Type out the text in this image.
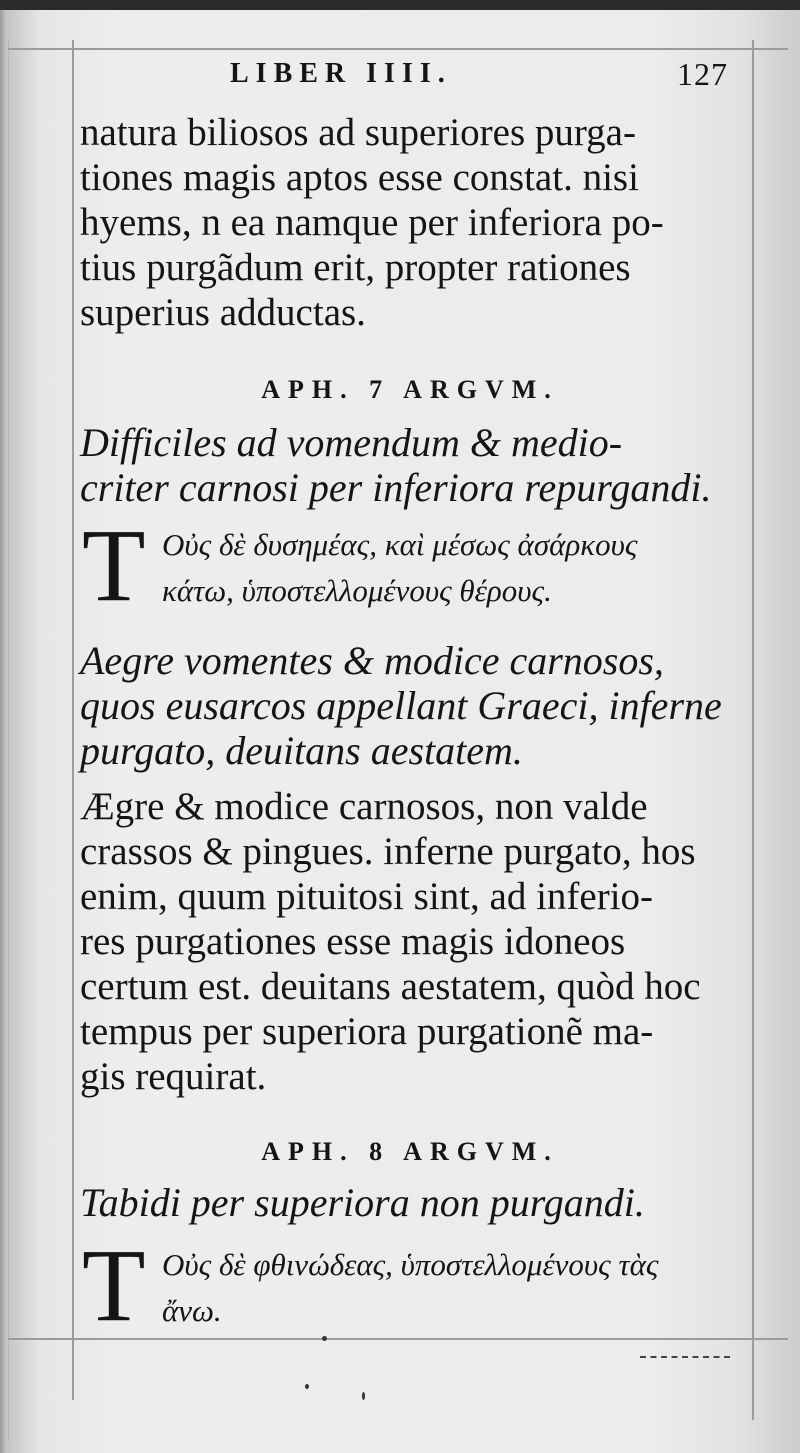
LIBER IIII.	127
natura biliosos ad superiores purga-
tiones magis aptos esse constat. nisi
hyems, n ea namque per inferiora po-
tius purgãdum erit, propter rationes
superius adductas.
APH. 7 ARGVM.
Difficiles ad vomendum & medio-
criter carnosi per inferiora repurgandi.
T Οὐς δὲ δυσημέας, καὶ μέσως ἀσάρκους
κάτω, ὑποστελλομένους θέρους.
Aegre vomentes & modice carnosos,
quos eusarcos appellant Graeci, inferne
purgato, deuitans aestatem.
Ægre & modice carnosos, non valde
crassos & pingues. inferne purgato, hos
enim, quum pituitosi sint, ad inferio-
res purgationes esse magis idoneos
certum est. deuitans aestatem, quòd hoc
tempus per superiora purgationẽ ma-
gis requirat.
APH. 8 ARGVM.
Tabidi per superiora non purgandi.
T Οὐς δὲ φθινώδεας, ὑποστελλομένους τὰς
ἄνω.
